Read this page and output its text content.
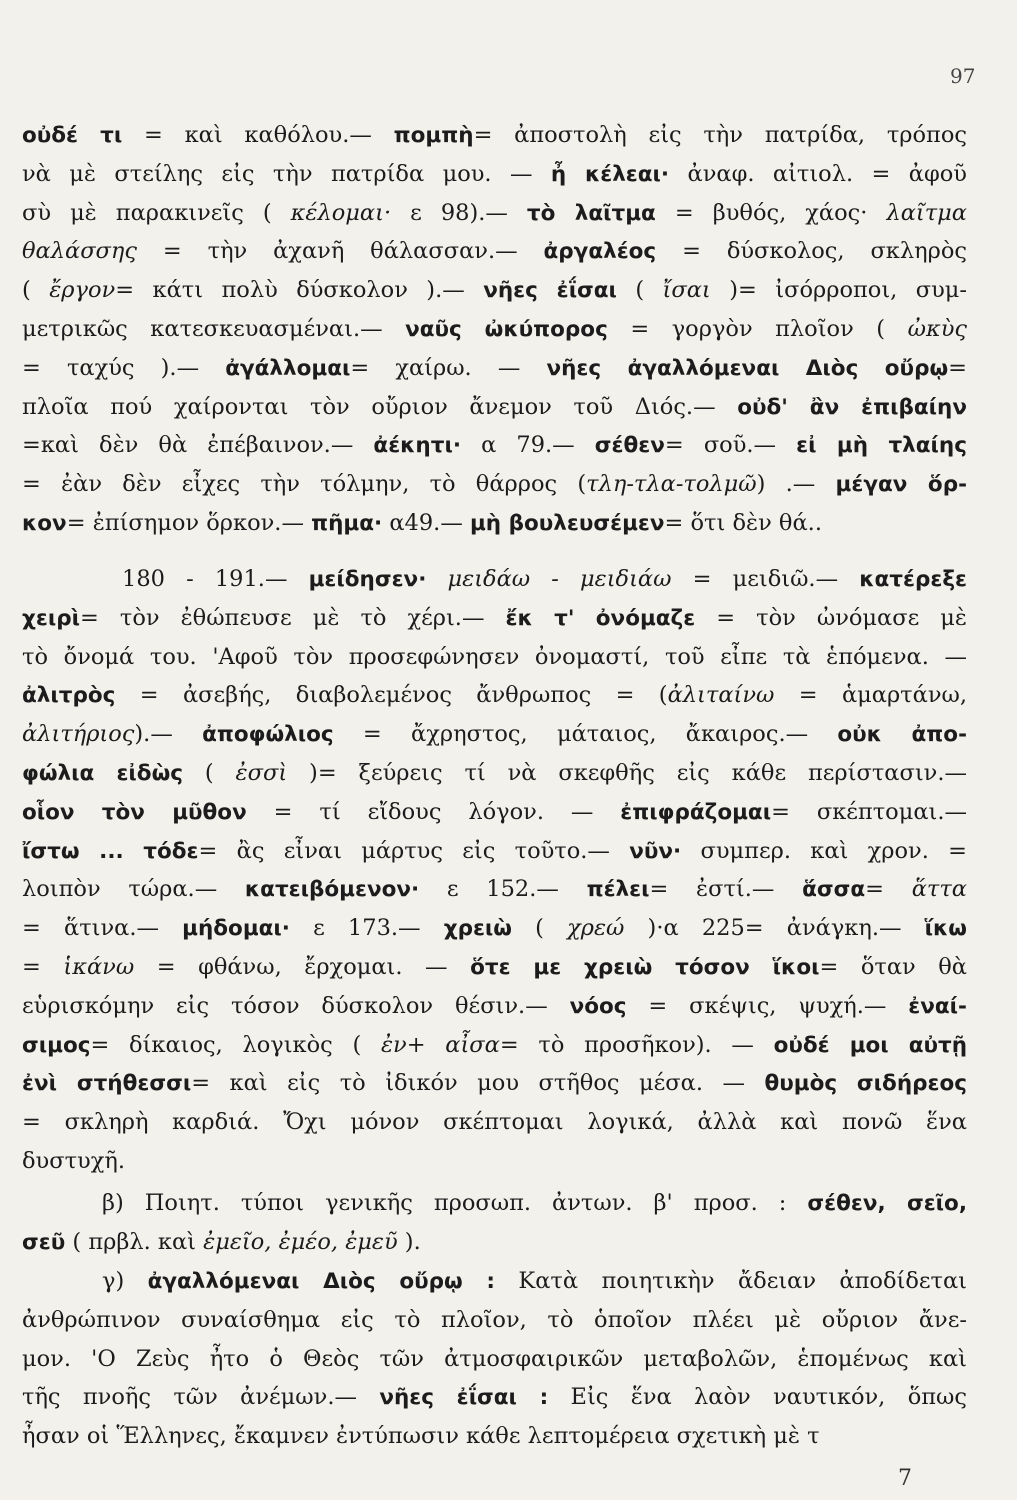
97
οὐδέ τι = καὶ καθόλου.— πομπὴ= ἀποστολὴ εἰς τὴν πατρίδα, τρόπος
νὰ μὲ στείλης εἰς τὴν πατρίδα μου. — ἦ κέλεαι· ἀναφ. αἰτιολ. = ἀφοῦ
σὺ μὲ παρακινεῖς ( κέλομαι· ε 98).— τὸ λαῖτμα = βυθός, χάος· λαῖτμα
θαλάσσης = τὴν ἀχανῆ θάλασσαν.— ἀργαλέος = δύσκολος, σκληρὸς
( ἔργον= κάτι πολὺ δύσκολον ).— νῆες ἐΐσαι ( ἴσαι )= ἰσόρροποι, συμ-
μετρικῶς κατεσκευασμέναι.— ναῦς ὠκύπορος = γοργὸν πλοῖον ( ὠκὺς
= ταχύς ).— ἀγάλλομαι= χαίρω. — νῆες ἀγαλλόμεναι Διὸς οὔρῳ=
πλοῖα πού χαίρονται τὸν οὔριον ἄνεμον τοῦ Διός.— οὐδ' ἂν ἐπιβαίην
=καὶ δὲν θὰ ἐπέβαινον.— ἀέκητι· α 79.— σέθεν= σοῦ.— εἰ μὴ τλαίης
= ἐὰν δὲν εἶχες τὴν τόλμην, τὸ θάρρος (τλη-τλα-τολμῶ) .— μέγαν ὅρ-
κον= ἐπίσημον ὅρκον.— πῆμα· α49.— μὴ βουλευσέμεν= ὅτι δὲν θά..
180 - 191.— μείδησεν· μειδάω - μειδιάω = μειδιῶ.— κατέρεξε
χειρὶ= τὸν ἐθώπευσε μὲ τὸ χέρι.— ἔκ τ' ὀνόμαζε = τὸν ὠνόμασε μὲ
τὸ ὄνομά του. 'Αφοῦ τὸν προσεφώνησεν ὀνομαστί, τοῦ εἶπε τὰ ἑπόμενα. —
ἀλιτρὸς = ἀσεβής, διαβολεμένος ἄνθρωπος = (ἀλιταίνω = ἁμαρτάνω,
ἀλιτήριος).— ἀποφώλιος = ἄχρηστος, μάταιος, ἄκαιρος.— οὐκ ἀπο-
φώλια εἰδὼς ( ἐσσὶ )= ξεύρεις τί νὰ σκεφθῆς εἰς κάθε περίστασιν.—
οἷον τὸν μῦθον = τί εἴδους λόγον. — ἐπιφράζομαι= σκέπτομαι.—
ἴστω ... τόδε= ἂς εἶναι μάρτυς εἰς τοῦτο.— νῦν· συμπερ. καὶ χρον. =
λοιπὸν τώρα.— κατειβόμενον· ε 152.— πέλει= ἐστί.— ἅσσα= ἅττα
= ἅτινα.— μήδομαι· ε 173.— χρειὼ ( χρεώ )·α 225= ἀνάγκη.— ἵκω
= ἱκάνω = φθάνω, ἔρχομαι. — ὅτε με χρειὼ τόσον ἵκοι= ὅταν θὰ
εὑρισκόμην εἰς τόσον δύσκολον θέσιν.— νόος = σκέψις, ψυχή.— ἐναί-
σιμος= δίκαιος, λογικὸς ( ἐν+ αἶσα= τὸ προσῆκον). — οὐδέ μοι αὐτῇ
ἐνὶ στήθεσσι= καὶ εἰς τὸ ἰδικόν μου στῆθος μέσα. — θυμὸς σιδήρεος
= σκληρὴ καρδιά. Ὄχι μόνον σκέπτομαι λογικά, ἀλλὰ καὶ πονῶ ἕνα
δυστυχῆ.
β) Ποιητ. τύποι γενικῆς προσωπ. ἀντων. β' προσ. : σέθεν, σεῖο,
σεῦ ( πρβλ. καὶ ἐμεῖο, ἐμέο, ἐμεῦ ).
γ) ἀγαλλόμεναι Διὸς οὔρῳ : Κατὰ ποιητικὴν ἄδειαν ἀποδίδεται
ἀνθρώπινον συναίσθημα εἰς τὸ πλοῖον, τὸ ὁποῖον πλέει μὲ οὔριον ἄνε-
μον. 'Ο Ζεὺς ἦτο ὁ Θεὸς τῶν ἀτμοσφαιρικῶν μεταβολῶν, ἑπομένως καὶ
τῆς πνοῆς τῶν ἀνέμων.— νῆες ἐΐσαι : Εἰς ἕνα λαὸν ναυτικόν, ὅπως
ἦσαν οἱ Ἕλληνες, ἔκαμνεν ἐντύπωσιν κάθε λεπτομέρεια σχετικὴ μὲ τ
7
